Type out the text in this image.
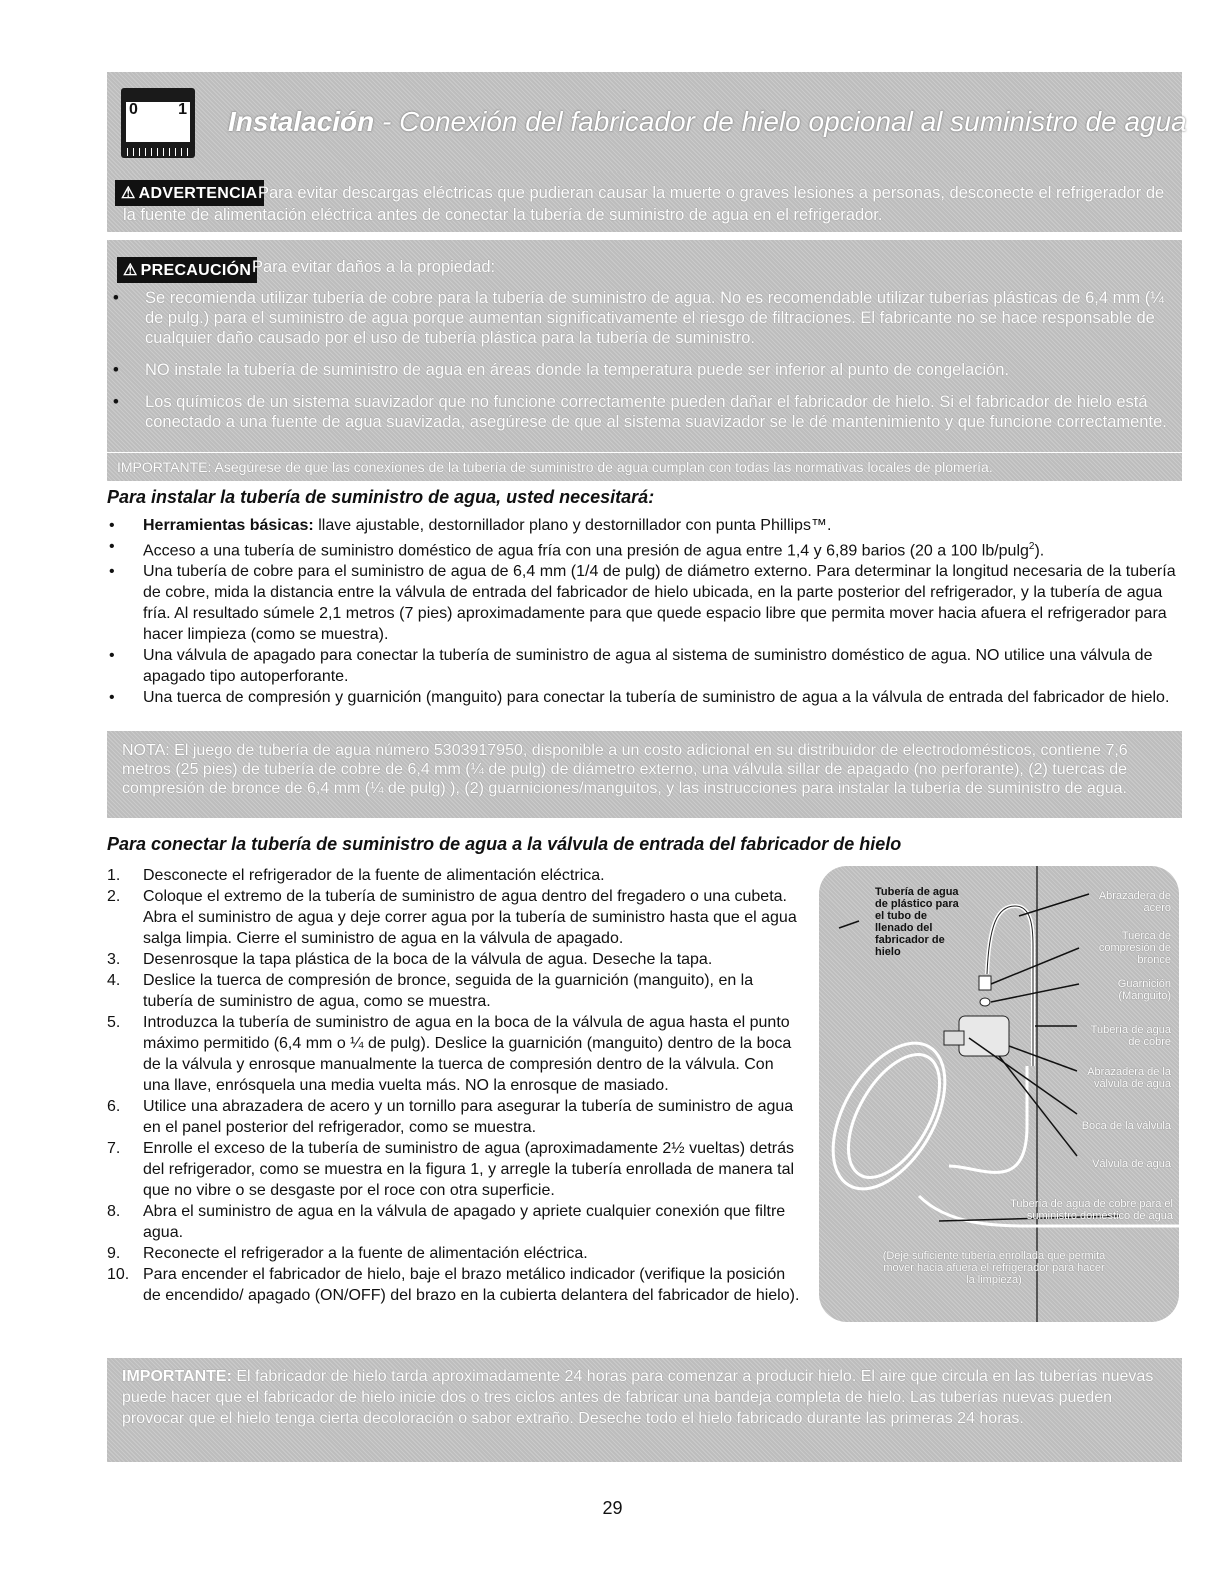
0	1 Instalación - Conexión del fabricador de hielo opcional al suministro de agua
⚠ ADVERTENCIA Para evitar descargas eléctricas que pudieran causar la muerte o graves lesiones a personas, desconecte el refrigerador de la fuente de alimentación eléctrica antes de conectar la tubería de suministro de agua en el refrigerador.
⚠ PRECAUCIÓN Para evitar daños a la propiedad:
• Se recomienda utilizar tubería de cobre para la tubería de suministro de agua. No es recomendable utilizar tuberías plásticas de 6,4 mm (¼ de pulg.) para el suministro de agua porque aumentan significativamente el riesgo de filtraciones. El fabricante no se hace responsable de cualquier daño causado por el uso de tubería plástica para la tubería de suministro.
• NO instale la tubería de suministro de agua en áreas donde la temperatura puede ser inferior al punto de congelación.
• Los químicos de un sistema suavizador que no funcione correctamente pueden dañar el fabricador de hielo. Si el fabricador de hielo está conectado a una fuente de agua suavizada, asegúrese de que al sistema suavizador se le dé mantenimiento y que funcione correctamente.
IMPORTANTE: Asegúrese de que las conexiones de la tubería de suministro de agua cumplan con todas las normativas locales de plomería.
Para instalar la tubería de suministro de agua, usted necesitará:
• Herramientas básicas: llave ajustable, destornillador plano y destornillador con punta Phillips™.
• Acceso a una tubería de suministro doméstico de agua fría con una presión de agua entre 1,4 y 6,89 barios (20 a 100 lb/pulg$^2$).
• Una tubería de cobre para el suministro de agua de 6,4 mm (1/4 de pulg) de diámetro externo. Para determinar la longitud necesaria de la tubería de cobre, mida la distancia entre la válvula de entrada del fabricador de hielo ubicada, en la parte posterior del refrigerador, y la tubería de agua fría. Al resultado súmele 2,1 metros (7 pies) aproximadamente para que quede espacio libre que permita mover hacia afuera el refrigerador para hacer limpieza (como se muestra).
• Una válvula de apagado para conectar la tubería de suministro de agua al sistema de suministro doméstico de agua. NO utilice una válvula de apagado tipo autoperforante.
• Una tuerca de compresión y guarnición (manguito) para conectar la tubería de suministro de agua a la válvula de entrada del fabricador de hielo.
NOTA: El juego de tubería de agua número 5303917950, disponible a un costo adicional en su distribuidor de electrodomésticos, contiene 7,6 metros (25 pies) de tubería de cobre de 6,4 mm (¼ de pulg) de diámetro externo, una válvula sillar de apagado (no perforante), (2) tuercas de compresión de bronce de 6,4 mm (¼ de pulg) ), (2) guarniciones/manguitos, y las instrucciones para instalar la tubería de suministro de agua.
Para conectar la tubería de suministro de agua a la válvula de entrada del fabricador de hielo
1. Desconecte el refrigerador de la fuente de alimentación eléctrica.
2. Coloque el extremo de la tubería de suministro de agua dentro del fregadero o una cubeta. Abra el suministro de agua y deje correr agua por la tubería de suministro hasta que el agua salga limpia. Cierre el suministro de agua en la válvula de apagado.
3. Desenrosque la tapa plástica de la boca de la válvula de agua. Deseche la tapa.
4. Deslice la tuerca de compresión de bronce, seguida de la guarnición (manguito), en la tubería de suministro de agua, como se muestra.
5. Introduzca la tubería de suministro de agua en la boca de la válvula de agua hasta el punto máximo permitido (6,4 mm o ¼ de pulg). Deslice la guarnición (manguito) dentro de la boca de la válvula y enrosque manualmente la tuerca de compresión dentro de la válvula. Con una llave, enrósquela una media vuelta más. NO la enrosque de masiado.
6. Utilice una abrazadera de acero y un tornillo para asegurar la tubería de suministro de agua en el panel posterior del refrigerador, como se muestra.
7. Enrolle el exceso de la tubería de suministro de agua (aproximadamente 2½ vueltas) detrás del refrigerador, como se muestra en la figura 1, y arregle la tubería enrollada de manera tal que no vibre o se desgaste por el roce con otra superficie.
8. Abra el suministro de agua en la válvula de apagado y apriete cualquier conexión que filtre agua.
9. Reconecte el refrigerador a la fuente de alimentación eléctrica.
10. Para encender el fabricador de hielo, baje el brazo metálico indicador (verifique la posición de encendido/ apagado (ON/OFF) del brazo en la cubierta delantera del fabricador de hielo).
Tubería de agua de plástico para el tubo de llenado del fabricador de hielo
Abrazadera de acero
Tuerca de compresión de bronce
Guarnición (Manguito)
Tubería de agua de cobre
Abrazadera de la válvula de agua
Boca de la válvula
Válvula de agua
Tubería de agua de cobre para el suministro doméstico de agua
(Deje suficiente tubería enrollada que permita mover hacia afuera el refrigerador para hacer la limpieza)
IMPORTANTE: El fabricador de hielo tarda aproximadamente 24 horas para comenzar a producir hielo. El aire que circula en las tuberías nuevas puede hacer que el fabricador de hielo inicie dos o tres ciclos antes de fabricar una bandeja completa de hielo. Las tuberías nuevas pueden provocar que el hielo tenga cierta decoloración o sabor extraño. Deseche todo el hielo fabricado durante las primeras 24 horas.
29
